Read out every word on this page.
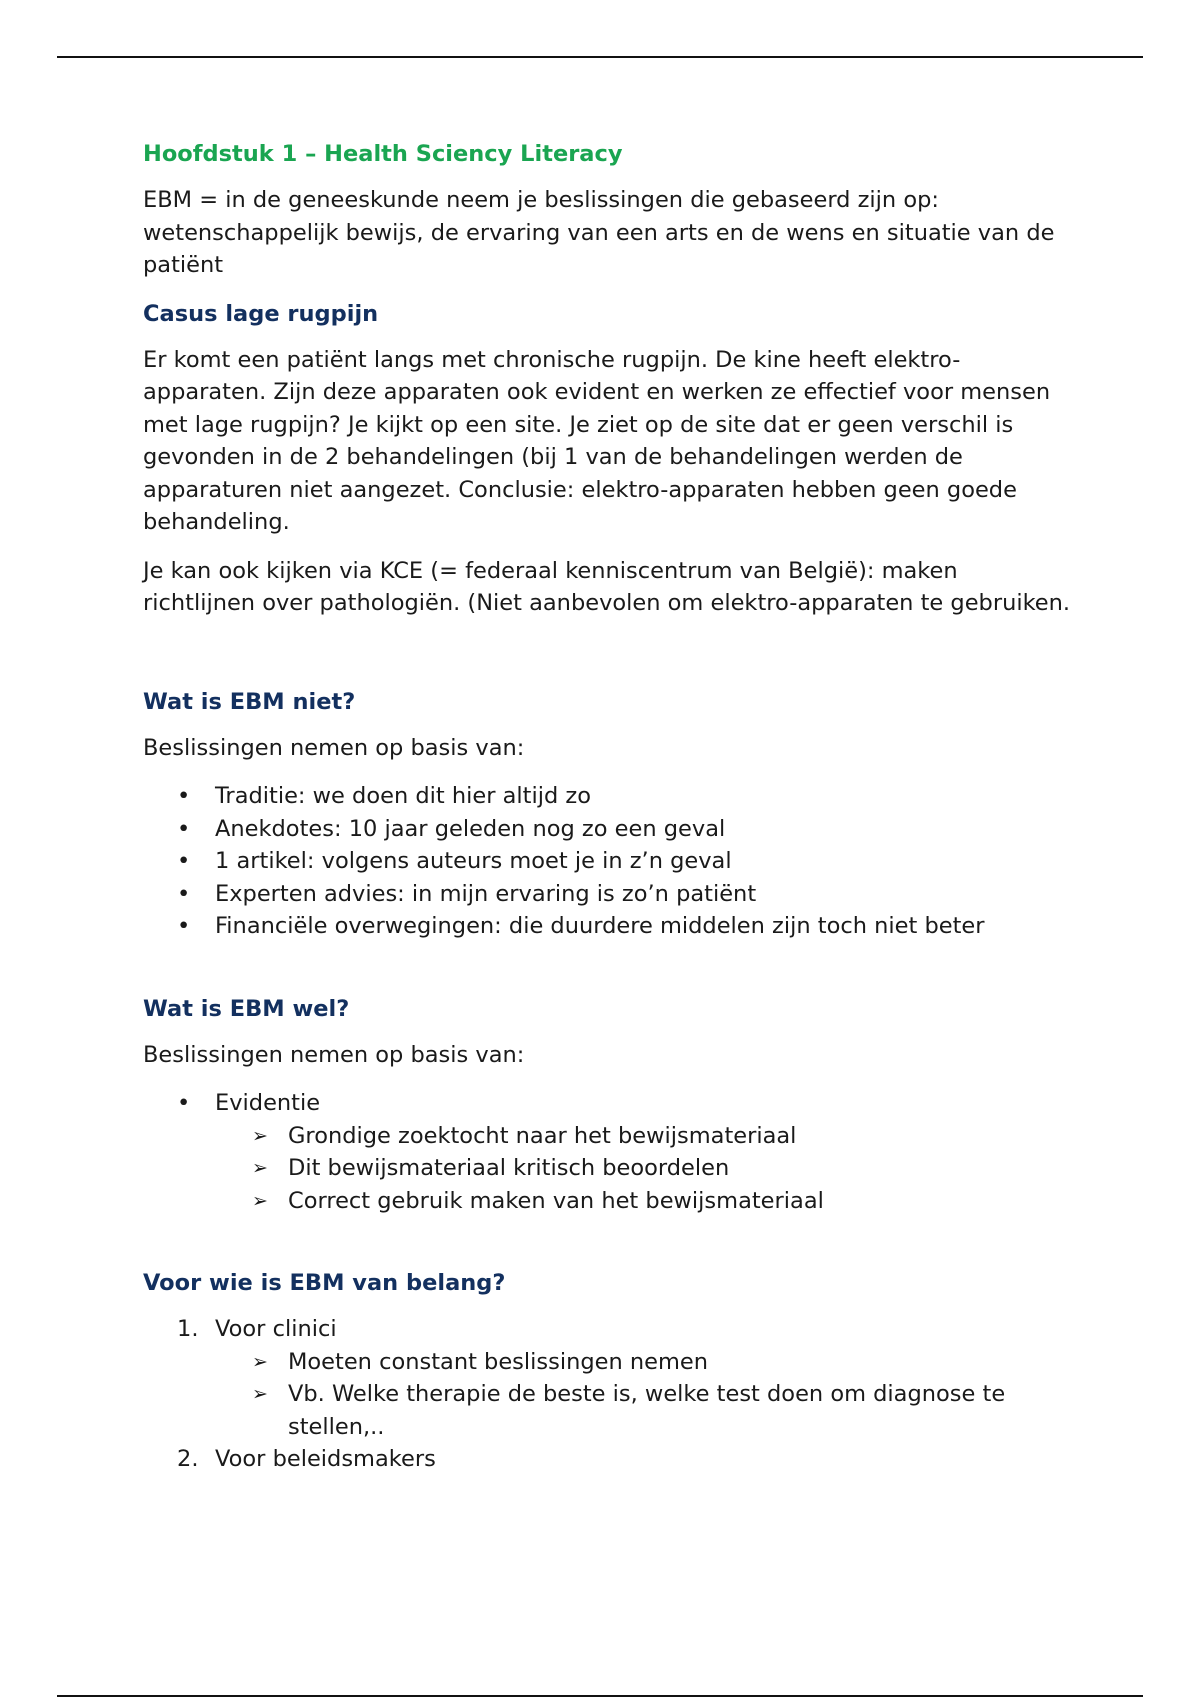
Hoofdstuk 1 – Health Sciency Literacy

EBM = in de geneeskunde neem je beslissingen die gebaseerd zijn op: wetenschappelijk bewijs, de ervaring van een arts en de wens en situatie van de patiënt

Casus lage rugpijn

Er komt een patiënt langs met chronische rugpijn. De kine heeft elektro-apparaten. Zijn deze apparaten ook evident en werken ze effectief voor mensen met lage rugpijn? Je kijkt op een site. Je ziet op de site dat er geen verschil is gevonden in de 2 behandelingen (bij 1 van de behandelingen werden de apparaturen niet aangezet. Conclusie: elektro-apparaten hebben geen goede behandeling.

Je kan ook kijken via KCE (= federaal kenniscentrum van België): maken richtlijnen over pathologiën. (Niet aanbevolen om elektro-apparaten te gebruiken.

Wat is EBM niet?

Beslissingen nemen op basis van:

• Traditie: we doen dit hier altijd zo
• Anekdotes: 10 jaar geleden nog zo een geval
• 1 artikel: volgens auteurs moet je in z’n geval
• Experten advies: in mijn ervaring is zo’n patiënt
• Financiële overwegingen: die duurdere middelen zijn toch niet beter
Wat is EBM wel?

Beslissingen nemen op basis van:

• Evidentie
➢ Grondige zoektocht naar het bewijsmateriaal
➢ Dit bewijsmateriaal kritisch beoordelen
➢ Correct gebruik maken van het bewijsmateriaal
Voor wie is EBM van belang?
1. Voor clinici
➢ Moeten constant beslissingen nemen
➢ Vb. Welke therapie de beste is, welke test doen om diagnose te stellen,..
2. Voor beleidsmakers
